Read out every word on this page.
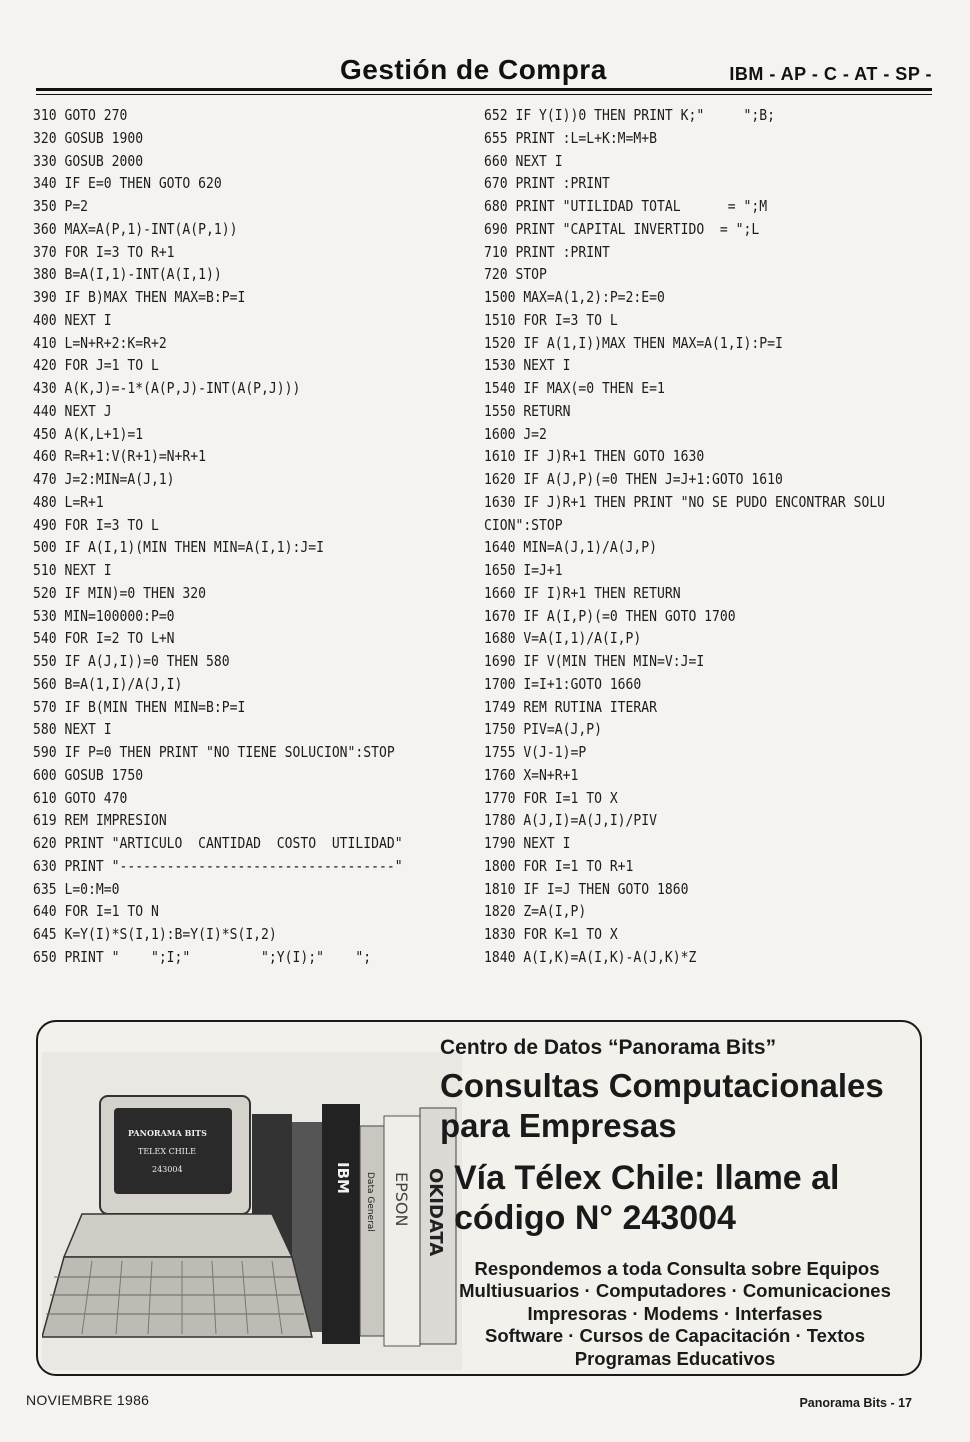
Gestión de Compra	IBM - AP - C - AT - SP -
310 GOTO 270
320 GOSUB 1900
330 GOSUB 2000
340 IF E=0 THEN GOTO 620
350 P=2
360 MAX=A(P,1)-INT(A(P,1))
370 FOR I=3 TO R+1
380 B=A(I,1)-INT(A(I,1))
390 IF B)MAX THEN MAX=B:P=I
400 NEXT I
410 L=N+R+2:K=R+2
420 FOR J=1 TO L
430 A(K,J)=-1*(A(P,J)-INT(A(P,J)))
440 NEXT J
450 A(K,L+1)=1
460 R=R+1:V(R+1)=N+R+1
470 J=2:MIN=A(J,1)
480 L=R+1
490 FOR I=3 TO L
500 IF A(I,1)(MIN THEN MIN=A(I,1):J=I
510 NEXT I
520 IF MIN)=0 THEN 320
530 MIN=100000:P=0
540 FOR I=2 TO L+N
550 IF A(J,I))=0 THEN 580
560 B=A(1,I)/A(J,I)
570 IF B(MIN THEN MIN=B:P=I
580 NEXT I
590 IF P=0 THEN PRINT "NO TIENE SOLUCION":STOP
600 GOSUB 1750
610 GOTO 470
619 REM IMPRESION
620 PRINT "ARTICULO  CANTIDAD  COSTO  UTILIDAD"
630 PRINT "-----------------------------------"
635 L=0:M=0
640 FOR I=1 TO N
645 K=Y(I)*S(I,1):B=Y(I)*S(I,2)
650 PRINT "    ";I;"         ";Y(I);"    ";
652 IF Y(I))0 THEN PRINT K;"     ";B;
655 PRINT :L=L+K:M=M+B
660 NEXT I
670 PRINT :PRINT
680 PRINT "UTILIDAD TOTAL      = ";M
690 PRINT "CAPITAL INVERTIDO  = ";L
710 PRINT :PRINT
720 STOP
1500 MAX=A(1,2):P=2:E=0
1510 FOR I=3 TO L
1520 IF A(1,I))MAX THEN MAX=A(1,I):P=I
1530 NEXT I
1540 IF MAX(=0 THEN E=1
1550 RETURN
1600 J=2
1610 IF J)R+1 THEN GOTO 1630
1620 IF A(J,P)(=0 THEN J=J+1:GOTO 1610
1630 IF J)R+1 THEN PRINT "NO SE PUDO ENCONTRAR SOLU
CION":STOP
1640 MIN=A(J,1)/A(J,P)
1650 I=J+1
1660 IF I)R+1 THEN RETURN
1670 IF A(I,P)(=0 THEN GOTO 1700
1680 V=A(I,1)/A(I,P)
1690 IF V(MIN THEN MIN=V:J=I
1700 I=I+1:GOTO 1660
1749 REM RUTINA ITERAR
1750 PIV=A(J,P)
1755 V(J-1)=P
1760 X=N+R+1
1770 FOR I=1 TO X
1780 A(J,I)=A(J,I)/PIV
1790 NEXT I
1800 FOR I=1 TO R+1
1810 IF I=J THEN GOTO 1860
1820 Z=A(I,P)
1830 FOR K=1 TO X
1840 A(I,K)=A(I,K)-A(J,K)*Z
IBM Data General EPSON OKIDATA
PANORAMA BITS
TELEX CHILE
243004
Centro de Datos “Panorama Bits”
Consultas Computacionales
para Empresas
Vía Télex Chile: llame al
código N° 243004
Respondemos a toda Consulta sobre Equipos
Multiusuarios · Computadores · Comunicaciones
Impresoras · Modems · Interfases
Software · Cursos de Capacitación · Textos
Programas Educativos
NOVIEMBRE 1986	Panorama Bits - 17
